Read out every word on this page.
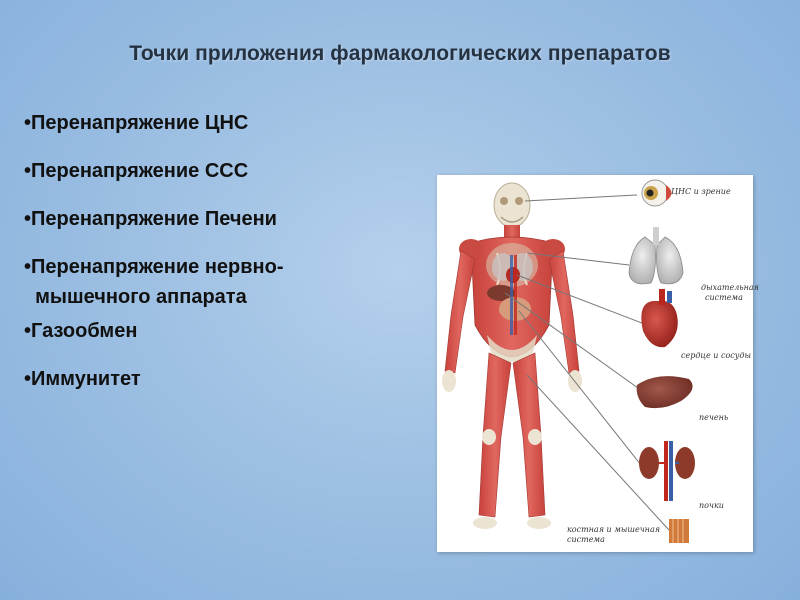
Точки приложения фармакологических препаратов
•Перенапряжение ЦНС
•Перенапряжение ССС
•Перенапряжение Печени
•Перенапряжение нервно-
мышечного аппарата
•Газообмен
•Иммунитет
ЦНС и зрение
дыхательная
система
сердце и сосуды
печень
почки
костная и мышечная
система
